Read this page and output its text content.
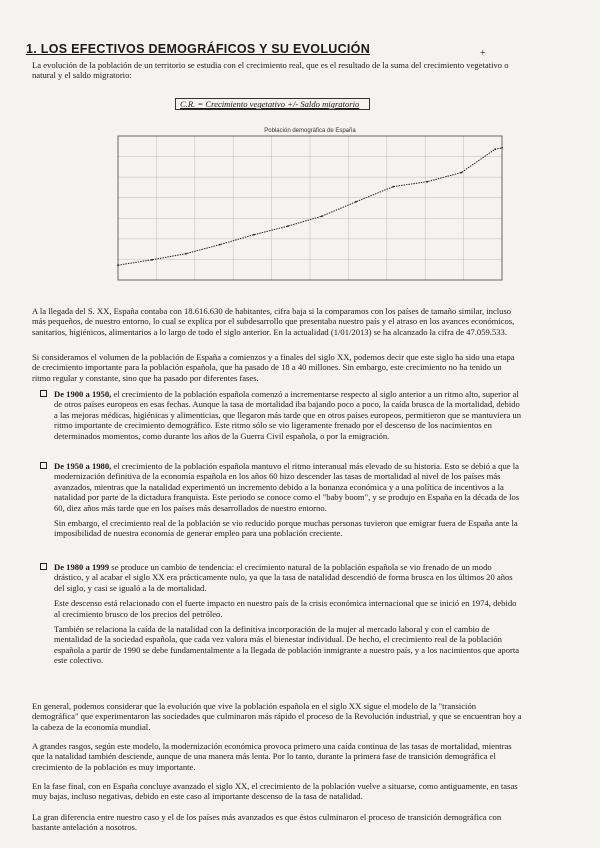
1. LOS EFECTIVOS DEMOGRÁFICOS Y SU EVOLUCIÓN	+
La evolución de la población de un territorio se estudia con el crecimiento real, que es el resultado de la suma del crecimiento vegetativo o natural y el saldo migratorio:
C.R. = Crecimiento vegetativo +/- Saldo migratorio
Población demográfica de España
A la llegada del S. XX, España contaba con 18.616.630 de habitantes, cifra baja si la comparamos con los países de tamaño similar, incluso más pequeños, de nuestro entorno, lo cual se explica por el subdesarrollo que presentaba nuestro país y el atraso en los avances económicos, sanitarios, higiénicos, alimentarios a lo largo de todo el siglo anterior. En la actualidad (1/01/2013) se ha alcanzado la cifra de 47.059.533.
Si consideramos el volumen de la población de España a comienzos y a finales del siglo XX, podemos decir que este siglo ha sido una etapa de crecimiento importante para la población española, que ha pasado de 18 a 40 millones. Sin embargo, este crecimiento no ha tenido un ritmo regular y constante, sino que ha pasado por diferentes fases.
De 1900 a 1950, el crecimiento de la población española comenzó a incrementarse respecto al siglo anterior a un ritmo alto, superior al de otros países europeos en esas fechas. Aunque la tasa de mortalidad iba bajando poco a poco, la caída brusca de la mortalidad, debido a las mejoras médicas, higiénicas y alimenticias, que llegaron más tarde que en otros países europeos, permitieron que se mantuviera un ritmo importante de crecimiento demográfico. Este ritmo sólo se vio ligeramente frenado por el descenso de los nacimientos en determinados momentos, como durante los años de la Guerra Civil española, o por la emigración.
De 1950 a 1980, el crecimiento de la población española mantuvo el ritmo interanual más elevado de su historia. Esto se debió a que la modernización definitiva de la economía española en los años 60 hizo descender las tasas de mortalidad al nivel de los países más avanzados, mientras que la natalidad experimentó un incremento debido a la bonanza económica y a una política de incentivos a la natalidad por parte de la dictadura franquista. Este periodo se conoce como el "baby boom", y se produjo en España en la década de los 60, diez años más tarde que en los países más desarrollados de nuestro entorno.
Sin embargo, el crecimiento real de la población se vio reducido porque muchas personas tuvieron que emigrar fuera de España ante la imposibilidad de nuestra economía de generar empleo para una población creciente.
De 1980 a 1999 se produce un cambio de tendencia: el crecimiento natural de la población española se vio frenado de un modo drástico, y al acabar el siglo XX era prácticamente nulo, ya que la tasa de natalidad descendió de forma brusca en los últimos 20 años del siglo, y casi se igualó a la de mortalidad.
Este descenso está relacionado con el fuerte impacto en nuestro país de la crisis económica internacional que se inició en 1974, debido al crecimiento brusco de los precios del petróleo.
También se relaciona la caída de la natalidad con la definitiva incorporación de la mujer al mercado laboral y con el cambio de mentalidad de la sociedad española, que cada vez valora más el bienestar individual. De hecho, el crecimiento real de la población española a partir de 1990 se debe fundamentalmente a la llegada de población inmigrante a nuestro país, y a los nacimientos que aporta este colectivo.
En general, podemos considerar que la evolución que vive la población española en el siglo XX sigue el modelo de la "transición demográfica" que experimentaron las sociedades que culminaron más rápido el proceso de la Revolución industrial, y que se encuentran hoy a la cabeza de la economía mundial.
A grandes rasgos, según este modelo, la modernización económica provoca primero una caída continua de las tasas de mortalidad, mientras que la natalidad también desciende, aunque de una manera más lenta. Por lo tanto, durante la primera fase de transición demográfica el crecimiento de la población es muy importante.
En la fase final, con en España concluye avanzado el siglo XX, el crecimiento de la población vuelve a situarse, como antiguamente, en tasas muy bajas, incluso negativas, debido en este caso al importante descenso de la tasa de natalidad.
La gran diferencia entre nuestro caso y el de los países más avanzados es que éstos culminaron el proceso de transición demográfica con bastante antelación a nosotros.
